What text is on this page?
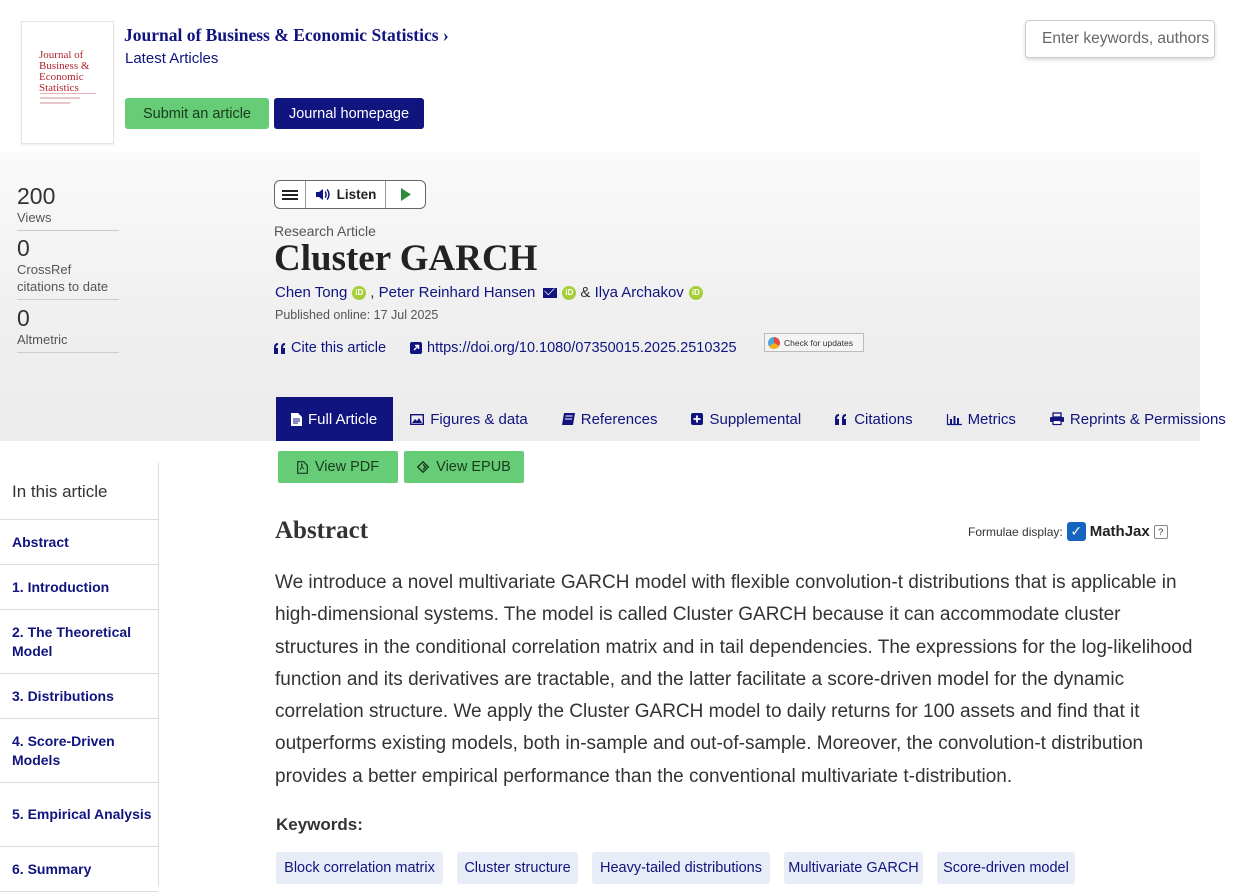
Journal of Business & Economic Statistics
Journal of Business & Economic Statistics ›
Latest Articles
Submit an article	Journal homepage
Enter keywords, authors
200
Views
0
CrossRef citations to date
0
Altmetric
Listen
Research Article
Cluster GARCH
Chen Tong	iD ,
Peter Reinhard Hansen	iD &
Ilya Archakov	iD
Published online: 17 Jul 2025
Cite this article	https://doi.org/10.1080/07350015.2025.2510325	Check for updates
Full Article	Figures & data	References	Supplemental	Citations	Metrics	Reprints & Permissions
View PDF	View EPUB
In this article
Abstract
1. Introduction
2. The Theoretical Model
3. Distributions
4. Score-Driven Models
5. Empirical Analysis
6. Summary
Abstract	Formulae display: ✓ MathJax ?
We introduce a novel multivariate GARCH model with flexible convolution-t distributions that is applicable in high-dimensional systems. The model is called Cluster GARCH because it can accommodate cluster structures in the conditional correlation matrix and in tail dependencies. The expressions for the log-likelihood function and its derivatives are tractable, and the latter facilitate a score-driven model for the dynamic correlation structure. We apply the Cluster GARCH model to daily returns for 100 assets and find that it outperforms existing models, both in-sample and out-of-sample. Moreover, the convolution-t distribution provides a better empirical performance than the conventional multivariate t-distribution.
Keywords:
Block correlation matrix	Cluster structure	Heavy-tailed distributions	Multivariate GARCH	Score-driven model
